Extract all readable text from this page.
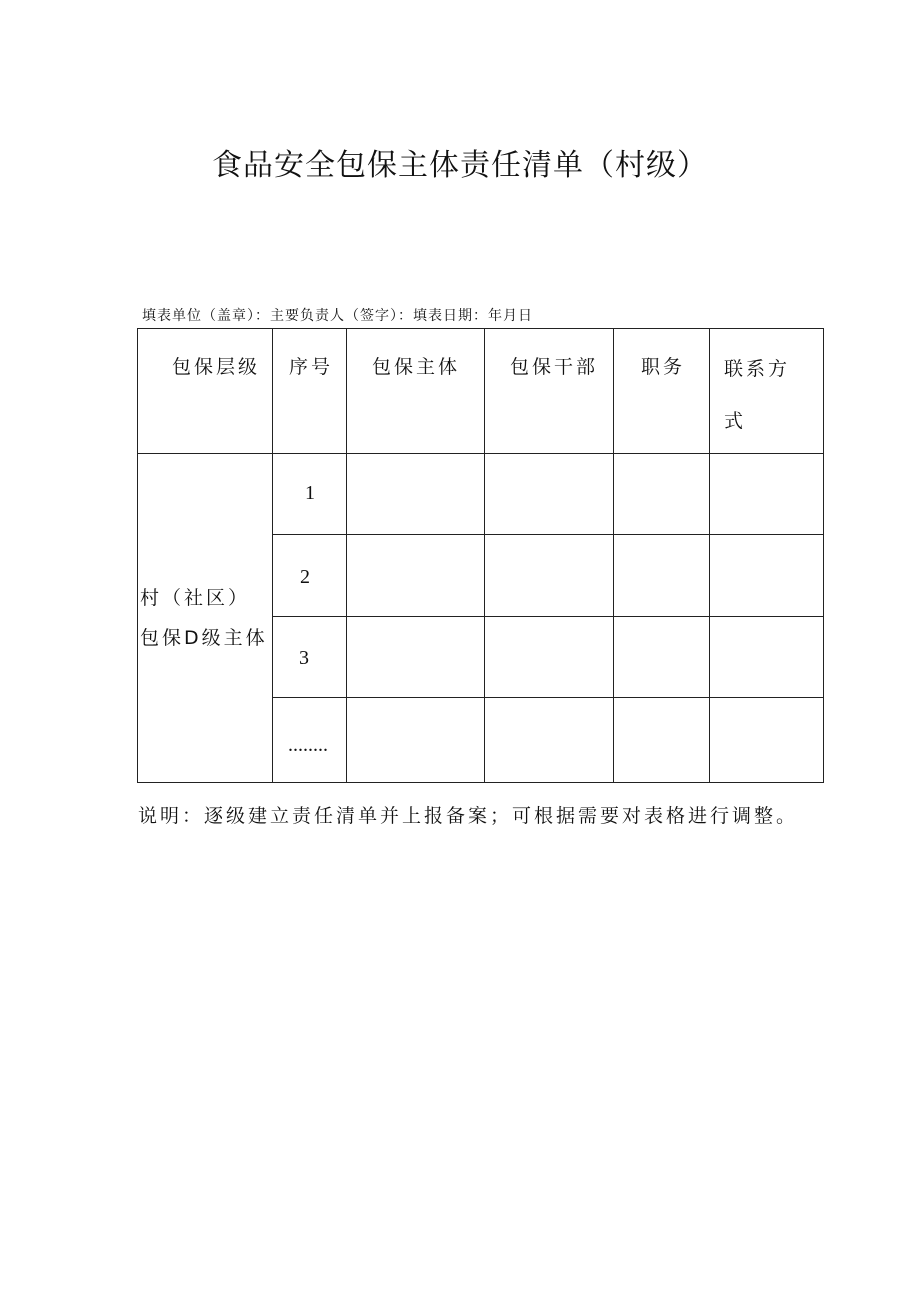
食品安全包保主体责任清单（村级）
填表单位（盖章）：主要负责人（签字）：填表日期：年月日
包保层级	序号	包保主体	包保干部	职务	联系方式

村（社区）包保D级主体	1				

	2				

	3				

	........				

说明：逐级建立责任清单并上报备案；可根据需要对表格进行调整。
